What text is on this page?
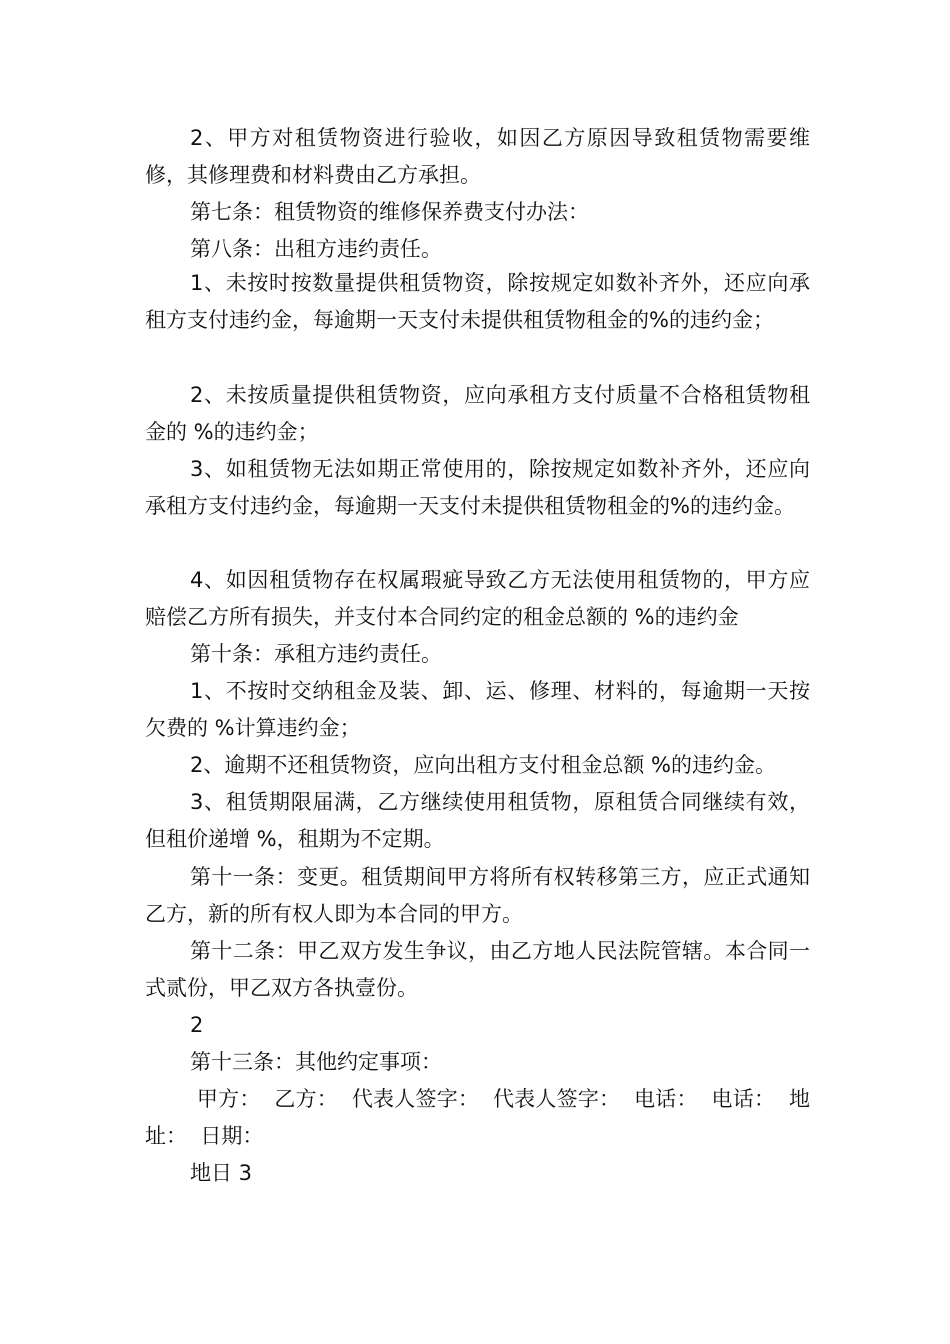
2、甲方对租赁物资进行验收，如因乙方原因导致租赁物需要维修，其修理费和材料费由乙方承担。
第七条：租赁物资的维修保养费支付办法：
第八条：出租方违约责任。
1、未按时按数量提供租赁物资，除按规定如数补齐外，还应向承租方支付违约金，每逾期一天支付未提供租赁物租金的%的违约金；
2、未按质量提供租赁物资，应向承租方支付质量不合格租赁物租金的 %的违约金；
3、如租赁物无法如期正常使用的，除按规定如数补齐外，还应向承租方支付违约金，每逾期一天支付未提供租赁物租金的%的违约金。
4、如因租赁物存在权属瑕疵导致乙方无法使用租赁物的，甲方应赔偿乙方所有损失，并支付本合同约定的租金总额的 %的违约金
第十条：承租方违约责任。
1、不按时交纳租金及装、卸、运、修理、材料的，每逾期一天按欠费的 %计算违约金；
2、逾期不还租赁物资，应向出租方支付租金总额 %的违约金。
3、租赁期限届满，乙方继续使用租赁物，原租赁合同继续有效，但租价递增 %，租期为不定期。
第十一条：变更。租赁期间甲方将所有权转移第三方，应正式通知乙方，新的所有权人即为本合同的甲方。
第十二条：甲乙双方发生争议，由乙方地人民法院管辖。本合同一式贰份，甲乙双方各执壹份。
2
第十三条：其他约定事项：
甲方：  乙方：  代表人签字：  代表人签字：  电话：  电话：  地址：  日期：
地日 3
